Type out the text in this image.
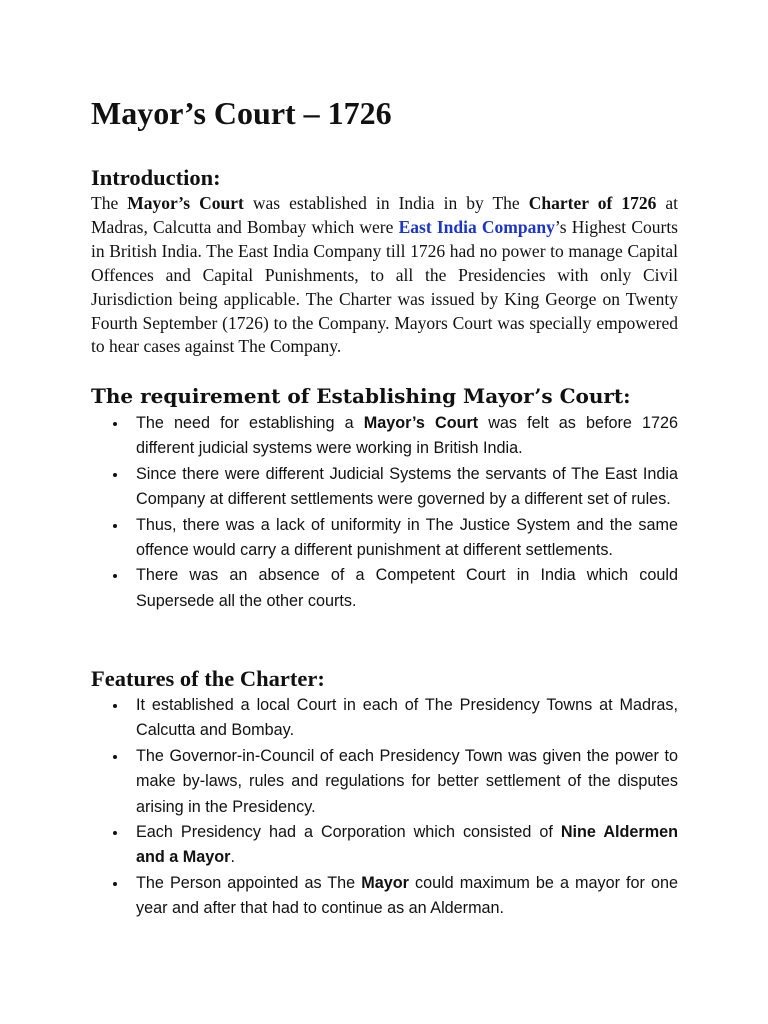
Mayor’s Court – 1726
Introduction:

The Mayor’s Court was established in India in by The Charter of 1726 at Madras, Calcutta and Bombay which were East India Company’s Highest Courts in British India. The East India Company till 1726 had no power to manage Capital Offences and Capital Punishments, to all the Presidencies with only Civil Jurisdiction being applicable. The Charter was issued by King George on Twenty Fourth September (1726) to the Company. Mayors Court was specially empowered to hear cases against The Company.

The requirement of Establishing Mayor’s Court:
The need for establishing a Mayor’s Court was felt as before 1726 different judicial systems were working in British India.
Since there were different Judicial Systems the servants of The East India Company at different settlements were governed by a different set of rules.
Thus, there was a lack of uniformity in The Justice System and the same offence would carry a different punishment at different settlements.
There was an absence of a Competent Court in India which could Supersede all the other courts.
Features of the Charter:
It established a local Court in each of The Presidency Towns at Madras, Calcutta and Bombay.
The Governor-in-Council of each Presidency Town was given the power to make by-laws, rules and regulations for better settlement of the disputes arising in the Presidency.
Each Presidency had a Corporation which consisted of Nine Aldermen and a Mayor.
The Person appointed as The Mayor could maximum be a mayor for one year and after that had to continue as an Alderman.
